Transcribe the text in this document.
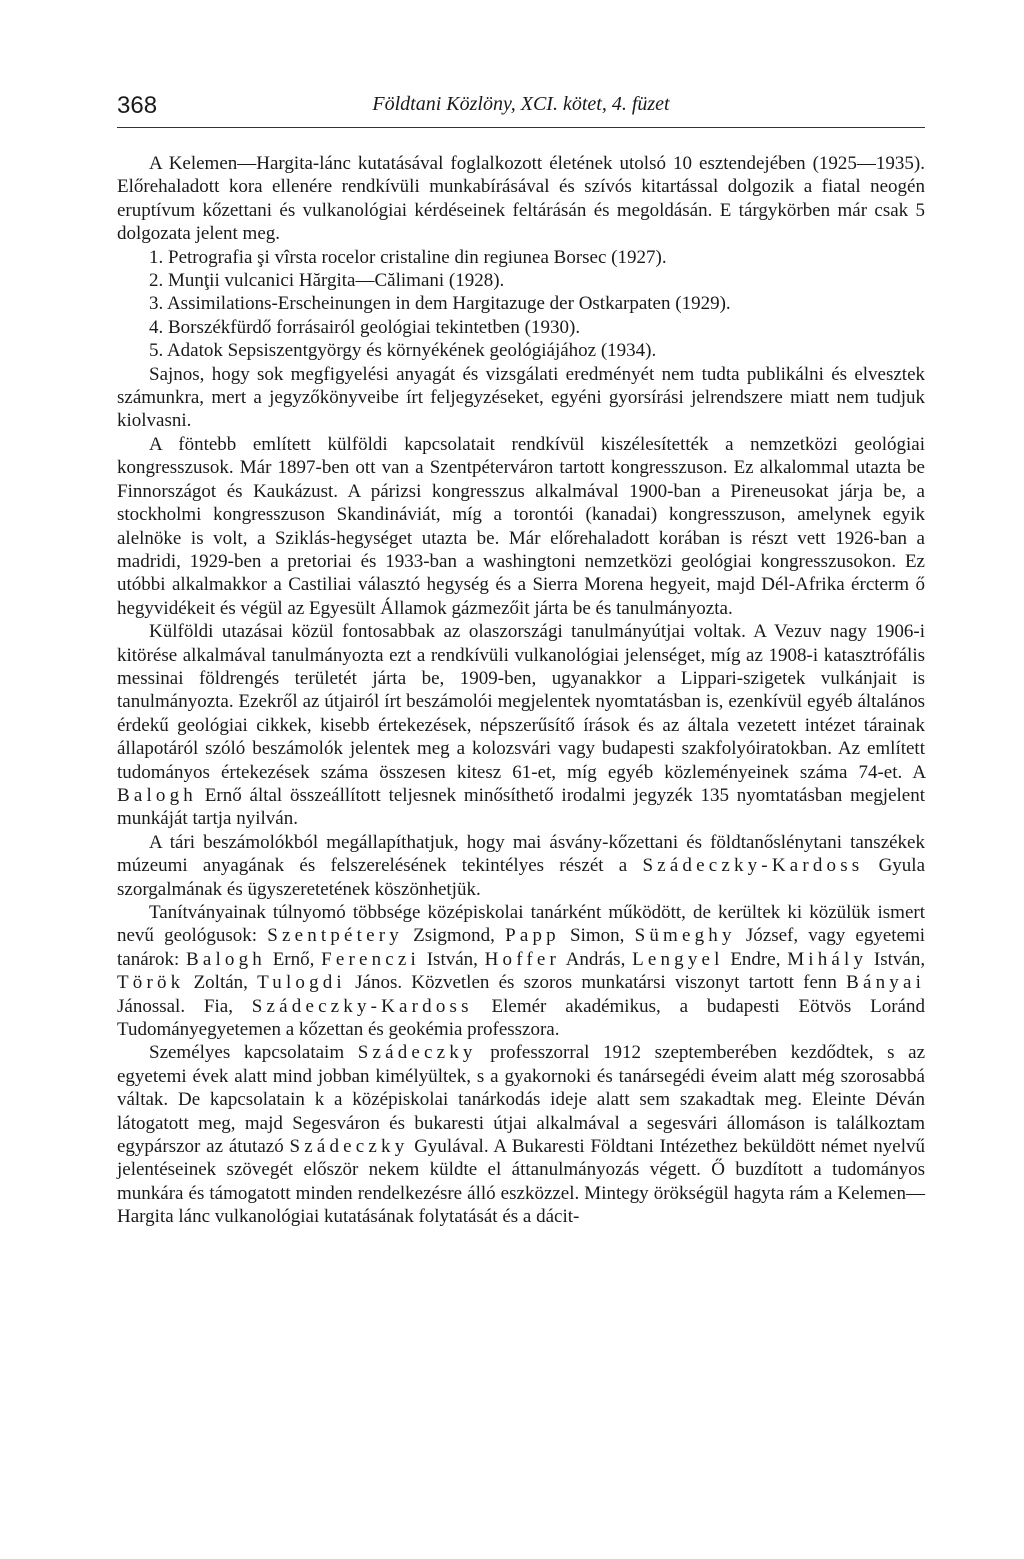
368	Földtani Közlöny, XCI. kötet, 4. füzet

A Kelemen—Hargita-lánc kutatásával foglalkozott életének utolsó 10 esztendejében (1925—1935). Előrehaladott kora ellenére rendkívüli munkabírásával és szívós kitartással dolgozik a fiatal neogén eruptívum kőzettani és vulkanológiai kérdéseinek feltárásán és megoldásán. E tárgykörben már csak 5 dolgozata jelent meg.

1. Petrografia şi vîrsta rocelor cristaline din regiunea Borsec (1927).
2. Munţii vulcanici Hărgita—Călimani (1928).
3. Assimilations-Erscheinungen in dem Hargitazuge der Ostkarpaten (1929).
4. Borszékfürdő forrásairól geológiai tekintetben (1930).
5. Adatok Sepsiszentgyörgy és környékének geológiájához (1934).

Sajnos, hogy sok megfigyelési anyagát és vizsgálati eredményét nem tudta publikálni és elvesztek számunkra, mert a jegyzőkönyveibe írt feljegyzéseket, egyéni gyorsírási jelrendszere miatt nem tudjuk kiolvasni.

A föntebb említett külföldi kapcsolatait rendkívül kiszélesítették a nemzetközi geológiai kongresszusok. Már 1897-ben ott van a Szentpéterváron tartott kongresszuson. Ez alkalommal utazta be Finnországot és Kaukázust. A párizsi kongresszus alkalmával 1900-ban a Pireneusokat járja be, a stockholmi kongresszuson Skandináviát, míg a torontói (kanadai) kongresszuson, amelynek egyik alelnöke is volt, a Sziklás-hegységet utazta be. Már előrehaladott korában is részt vett 1926-ban a madridi, 1929-ben a pretoriai és 1933-ban a washingtoni nemzetközi geológiai kongresszusokon. Ez utóbbi alkalmakkor a Castiliai választó hegység és a Sierra Morena hegyeit, majd Dél-Afrika ércterm ő hegyvidékeit és végül az Egyesült Államok gázmezőit járta be és tanulmányozta.

Külföldi utazásai közül fontosabbak az olaszországi tanulmányútjai voltak. A Vezuv nagy 1906-i kitörése alkalmával tanulmányozta ezt a rendkívüli vulkanológiai jelenséget, míg az 1908-i katasztrófális messinai földrengés területét járta be, 1909-ben, ugyanakkor a Lippari-szigetek vulkánjait is tanulmányozta. Ezekről az útjairól írt beszámolói megjelentek nyomtatásban is, ezenkívül egyéb általános érdekű geológiai cikkek, kisebb értekezések, népszerűsítő írások és az általa vezetett intézet tárainak állapotáról szóló beszámolók jelentek meg a kolozsvári vagy budapesti szakfolyóiratokban. Az említett tudományos értekezések száma összesen kitesz 61-et, míg egyéb közleményeinek száma 74-et. A Balogh Ernő által összeállított teljesnek minősíthető irodalmi jegyzék 135 nyomtatásban megjelent munkáját tartja nyilván.

A tári beszámolókból megállapíthatjuk, hogy mai ásvány-kőzettani és földtanőslénytani tanszékek múzeumi anyagának és felszerelésének tekintélyes részét a Szádeczky-Kardoss Gyula szorgalmának és ügyszeretetének köszönhetjük.

Tanítványainak túlnyomó többsége középiskolai tanárként működött, de kerültek ki közülük ismert nevű geológusok: Szentpétery Zsigmond, Papp Simon, Sümeghy József, vagy egyetemi tanárok: Balogh Ernő, Ferenczi István, Hoffer András, Lengyel Endre, Mihály István, Török Zoltán, Tulogdi János. Közvetlen és szoros munkatársi viszonyt tartott fenn Bányai Jánossal. Fia, Szádeczky-Kardoss Elemér akadémikus, a budapesti Eötvös Loránd Tudományegyetemen a kőzettan és geokémia professzora.

Személyes kapcsolataim Szádeczky professzorral 1912 szeptemberében kezdődtek, s az egyetemi évek alatt mind jobban kimélyültek, s a gyakornoki és tanársegédi éveim alatt még szorosabbá váltak. De kapcsolatain k a középiskolai tanárkodás ideje alatt sem szakadtak meg. Eleinte Déván látogatott meg, majd Segesváron és bukaresti útjai alkalmával a segesvári állomáson is találkoztam egypárszor az átutazó Szádeczky Gyulával. A Bukaresti Földtani Intézethez beküldött német nyelvű jelentéseinek szövegét először nekem küldte el áttanulmányozás végett. Ő buzdított a tudományos munkára és támogatott minden rendelkezésre álló eszközzel. Mintegy örökségül hagyta rám a Kelemen—Hargita lánc vulkanológiai kutatásának folytatását és a dácit-
